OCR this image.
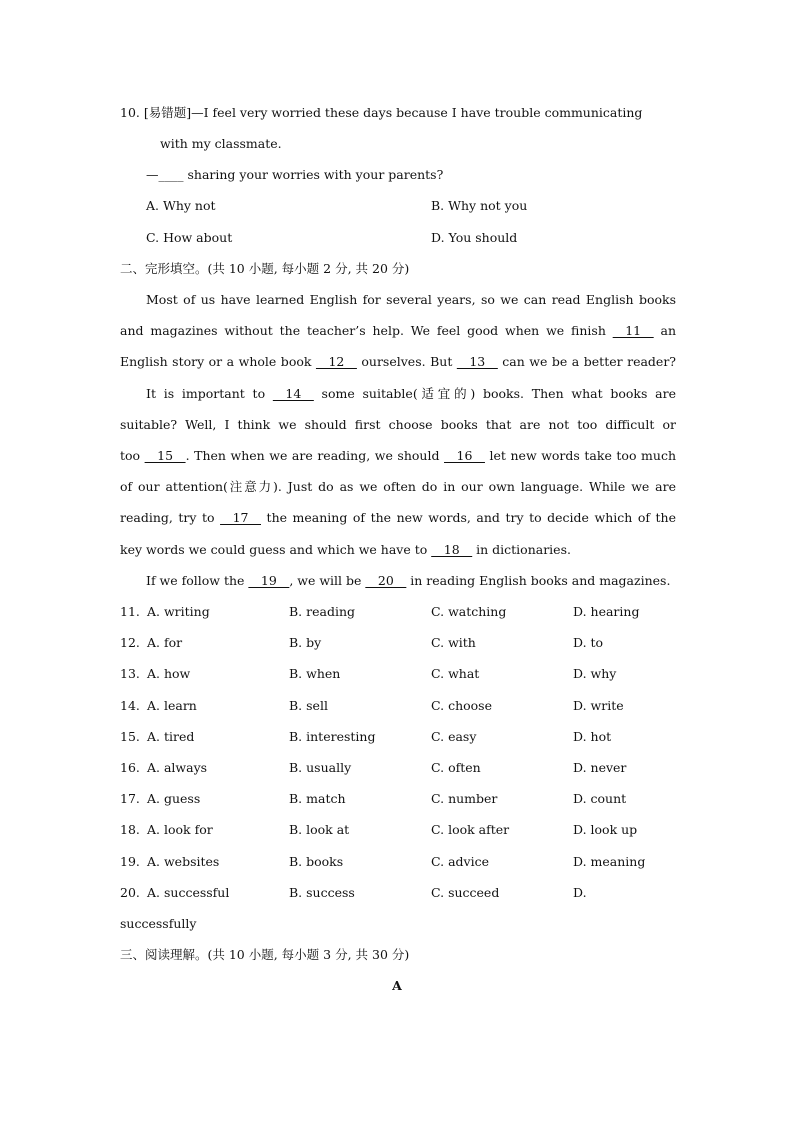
10. [易错题]—I feel very worried these days because I have trouble communicating
with my classmate.
—____ sharing your worries with your parents?
A. Why not	B. Why not you
C. How about	D. You should
二、完形填空。(共 10 小题, 每小题 2 分, 共 20 分)
Most of us have learned English for several years, so we can read English books
and magazines without the teacher’s help. We feel good when we finish __11__ an
English story or a whole book __12__ ourselves. But __13__ can we be a better reader?
It is important to __14__ some suitable(适宜的) books. Then what books are
suitable? Well, I think we should first choose books that are not too difficult or
too __15__. Then when we are reading, we should __16__ let new words take too much
of our attention(注意力). Just do as we often do in our own language. While we are
reading, try to __17__ the meaning of the new words, and try to decide which of the
key words we could guess and which we have to __18__ in dictionaries.
If we follow the __19__, we will be __20__ in reading English books and magazines.
11. A. writing	B. reading	C. watching	D. hearing
12. A. for	B. by	C. with	D. to
13. A. how	B. when	C. what	D. why
14. A. learn	B. sell	C. choose	D. write
15. A. tired	B. interesting	C. easy	D. hot
16. A. always	B. usually	C. often	D. never
17. A. guess	B. match	C. number	D. count
18. A. look for	B. look at	C. look after	D. look up
19. A. websites	B. books	C. advice	D. meaning
20. A. successful	B. success	C. succeed	D.
successfully
三、阅读理解。(共 10 小题, 每小题 3 分, 共 30 分)
A
